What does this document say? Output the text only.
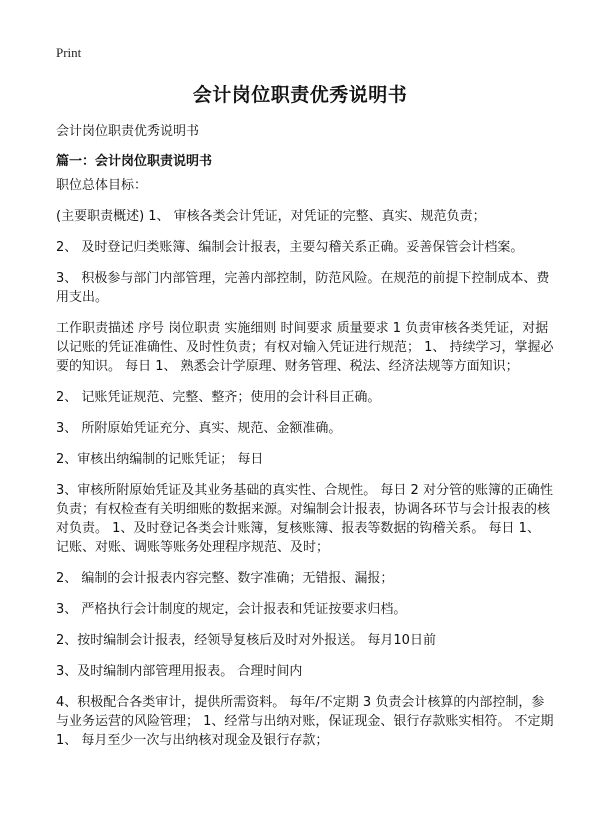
Print
会计岗位职责优秀说明书
会计岗位职责优秀说明书
篇一：会计岗位职责说明书

职位总体目标：

(主要职责概述) 1、 审核各类会计凭证，对凭证的完整、真实、规范负责；

2、 及时登记归类账簿、编制会计报表，主要勾稽关系正确。妥善保管会计档案。

3、 积极参与部门内部管理，完善内部控制，防范风险。在规范的前提下控制成本、费用支出。

工作职责描述 序号 岗位职责 实施细则 时间要求 质量要求 1 负责审核各类凭证，对据以记账的凭证准确性、及时性负责；有权对输入凭证进行规范； 1、 持续学习，掌握必要的知识。 每日 1、 熟悉会计学原理、财务管理、税法、经济法规等方面知识；

2、 记账凭证规范、完整、整齐；使用的会计科目正确。

3、 所附原始凭证充分、真实、规范、金额准确。

2、审核出纳编制的记账凭证； 每日

3、审核所附原始凭证及其业务基础的真实性、合规性。 每日 2 对分管的账簿的正确性负责；有权检查有关明细账的数据来源。对编制会计报表，协调各环节与会计报表的核对负责。 1、及时登记各类会计账簿，复核账簿、报表等数据的钩稽关系。 每日 1、 记账、对账、调账等账务处理程序规范、及时；

2、 编制的会计报表内容完整、数字准确；无错报、漏报；

3、 严格执行会计制度的规定，会计报表和凭证按要求归档。

2、按时编制会计报表，经领导复核后及时对外报送。 每月10日前

3、及时编制内部管理用报表。 合理时间内

4、积极配合各类审计，提供所需资料。 每年/不定期 3 负责会计核算的内部控制，参与业务运营的风险管理； 1、经常与出纳对账，保证现金、银行存款账实相符。 不定期 1、 每月至少一次与出纳核对现金及银行存款；
